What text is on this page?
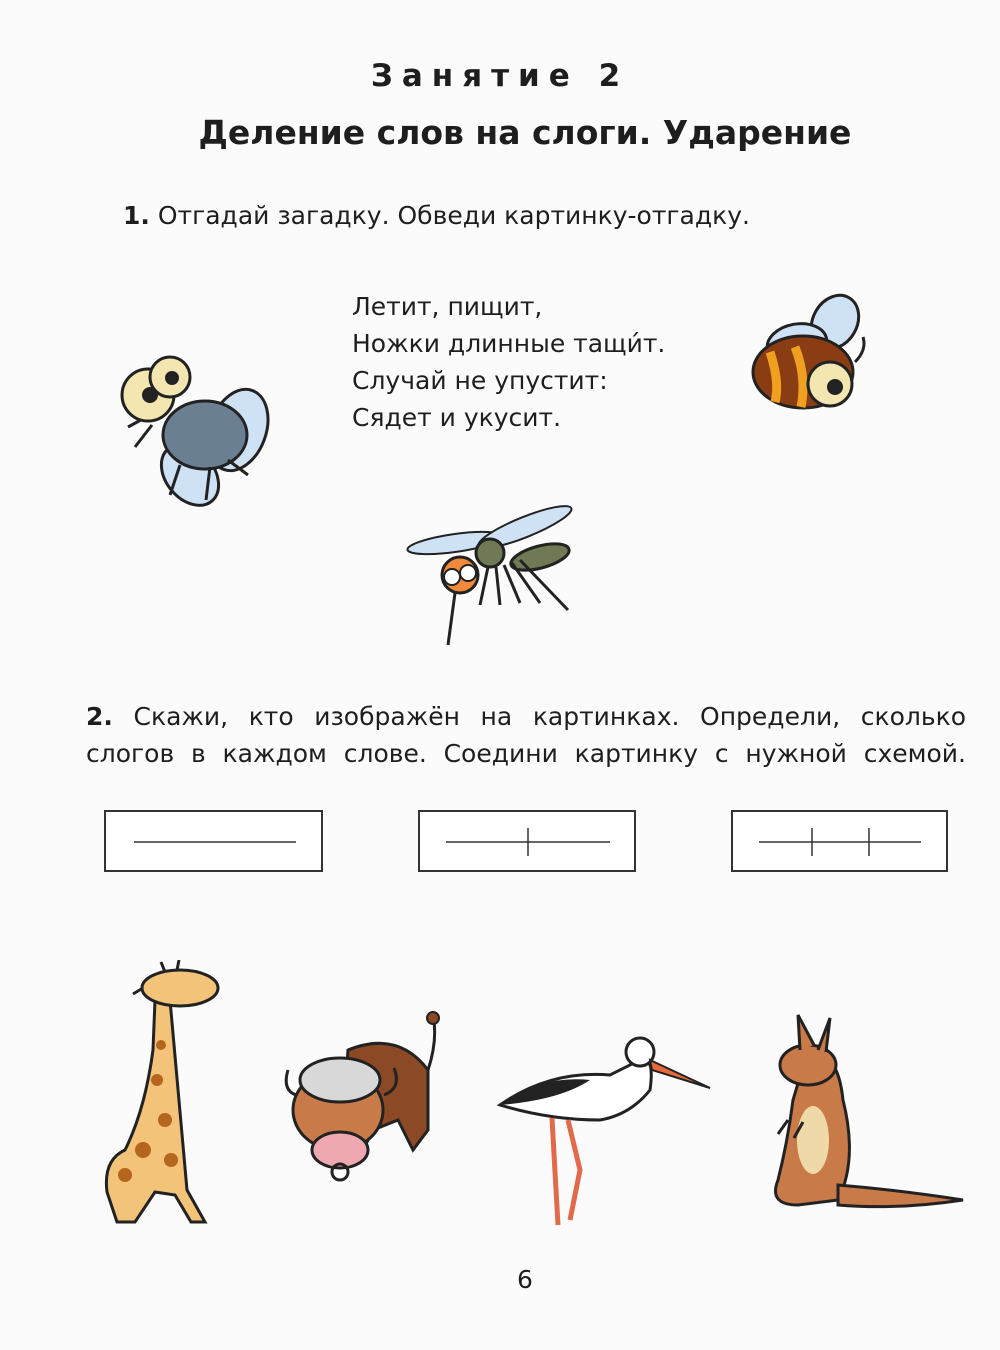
Занятие 2
Деление слов на слоги. Ударение
1. Отгадай загадку. Обведи картинку-отгадку.
Летит, пищит,
Ножки длинные тащи́т.
Случай не упустит:
Сядет и укусит.
2. Скажи, кто изображён на картинках. Определи, сколько
слогов в каждом слове. Соедини картинку с нужной схемой.
6
